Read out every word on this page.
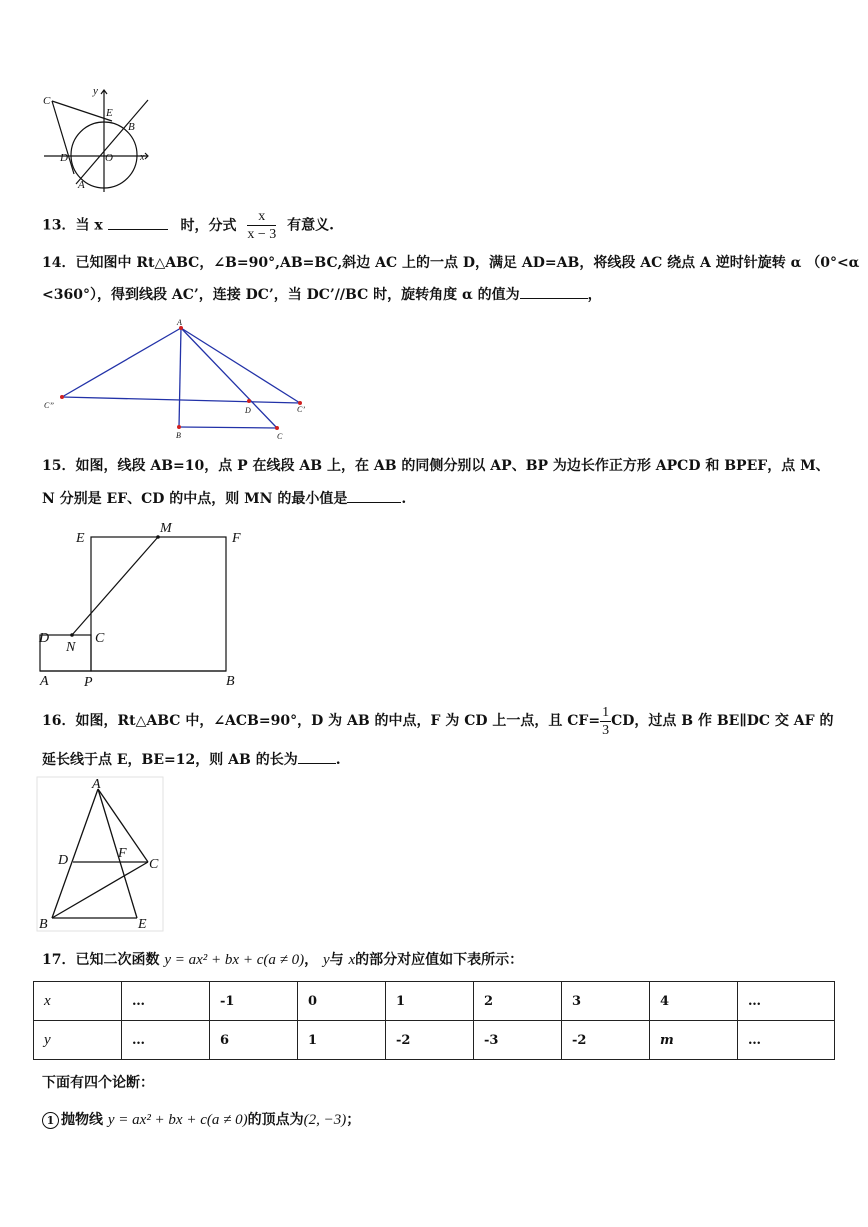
C
y
E
B
D	O	x
A
13．当 x	时，分式 $\frac{x}{x - 3}$ 有意义.
14．已知图中 Rt△ABC，∠B=90°,AB=BC,斜边 AC 上的一点 D，满足 AD=AB，将线段 AC 绕点 A 逆时针旋转 α （0°<α
<360°），得到线段 AC’，连接 DC’，当 DC’//BC 时，旋转角度 α 的值为	，
A
C’’
D	C’
B	C
15．如图，线段 AB=10，点 P 在线段 AB 上，在 AB 的同侧分别以 AP、BP 为边长作正方形 APCD 和 BPEF，点 M、
N 分别是 EF、CD 的中点，则 MN 的最小值是	.
E
M
F
D	C
N
A	P	B
16．如图，Rt△ABC 中，∠ACB=90°，D 为 AB 的中点，F 为 CD 上一点，且 $CF= \frac{1}{3}$ CD，过点 B 作 BE∥DC 交 AF 的
延长线于点 E，BE=12，则 AB 的长为	.
A
D	F
C
B	E
17．已知二次函数 y = ax² + bx + c(a ≠ 0)， y与 x的部分对应值如下表所示：
x	…	-1	0	1	2	3	4	…
y	…	6	1	-2	-3	-2	m	…
下面有四个论断：
1 抛物线 y = ax² + bx + c(a ≠ 0)的顶点为(2, −3)；
